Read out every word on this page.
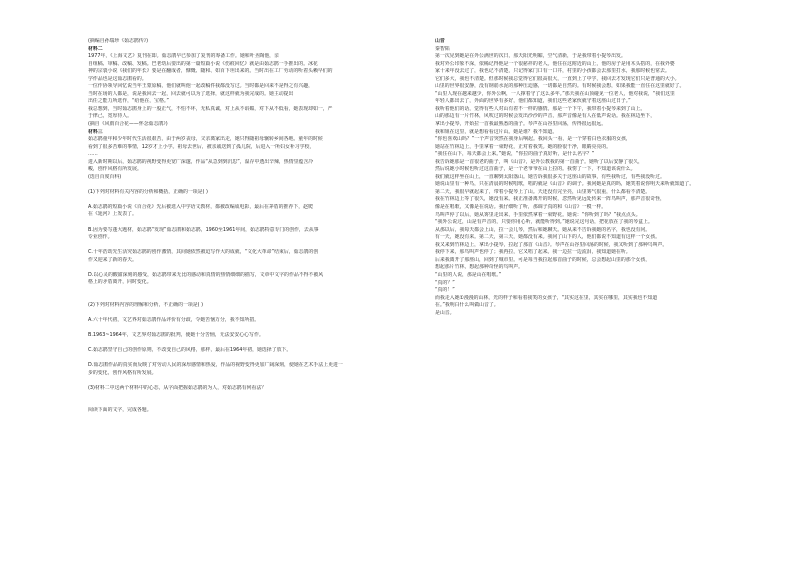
(摘编自孙瑞珍《茹志鹃传》)

材料二

1977年，《上海文艺》复刊在即。茹志鹃早已参加了复刊的筹备工作。她和叶圣陶他，亲

自组稿、审稿、改稿、发稿。巴老幼后要出的第一篇短篇小说《伤痕回忆》就是由茹志鹃一手推出的。冰花

神的宗裘小说《我们的年长》要是在翻成者，慷慨、随和、如百下坦出来的。当时出在工厂劳动的听着头赖早们的

学作品也是这茹志鹃看的。

一位作协领导回忆说当年王蒙原稿，他们就叫他一起改稿件我都没写过。当时都是回来不是得之有兴趣，

当时在场的人都是，说是我回去一起，回去就可以为了选择，就这样就为我完成的。她主动提出

出任之能力所选作，“给他在，宝格。”

我总想到，当时茹志鹃身上的一股正气，不怕不坏，无私真诚，对上从不谄媚，对下从不低看，她表现却如一，严

于律己，宽厚待人。

(摘自《风雨百合花——怀念茹志鹃》)

材料三

茹志鹃童年和少年时代生活很艰苦，由于两岁丧母，父亲离家出走，她只得随祖母辗转乡间各地。童年的时候

看到了很多苦难的事情，12岁才上小学。祖母去世后，被亲戚送到了孤儿院，后进入一所妇女补习学校，

……

进入新时期以后，茹志鹃的视野变得更宽广深邃，作品“从急到到沉思”，温存中透出辛辣，热情里蕴含冷

峻，创作风格有所发展。

(选自百度百科)

(1)下列对材料有关内容的分析和概括，正确的一项是( )

A.茹志鹃的短篇小说《百合花》先后被选入中学语文教材，都被改编成电影，最后在茅盾的推荐下，赵爬

在《延河》上发表了。

B.因为要写蓬大题材，茹志鹃“发现”茹志鹃和茹志鹃，1960至1961年间，茹志鹃特意专门的创作，去从事

专业创作。

C.十年浩劫先生活究茹志鹃的创作激情，其间她依然被迫写作大的成就，“文化大革命”结束后，茹志鹃的创

作又迎来了新的春天。

D.以心灵的酸甜深刻的感受，茹志鹃带来无比的感动和真情的热情细细的描写，文章中文字的作品不得不被风

格上的矛盾离开，同时变化。

(2)下列对材料内容的理解和分析，不正确的一项是( )

A.六十年代初，文艺界对茹志鹃作品评价有分歧，令她苦恼万分，我不知所措。

B.1963~1964年，文艺界对茹志鹃的批判，使她十分苦恼，无法安安心心写作。

C.茹志鹃坚守自己的创作原则，不改变自己的风格，那样，最后在1964年初，她选择了放下。

D.茹志鹃作品的真实而反映了对劳动人民的深厚感情和热爱，作品的视野变得更加广阔深刻，使她在艺术手法上更进一

步的变化，创作风格有所发展。

(3)材料二中这两个材料中的心态，从字面把握茹志鹃的为人，对茹志鹃有何看法？

阅读下面的文字，完成各题。

山音

秦智韬

第一次见到她是在外公满世的次日，那天阳光明媚，空气清新，于是我带着小提琴出发。

我对外公印象不深，依稀记得他是一个很慈祥的老人。他住在这附近的山上，他的房子是用木头搭的，在我外婆

家十来年没去过了，我也记不清楚，只记得家门口有一口井，村里的小孩都会去那里打水，我那时候也常去。

它们多大，我也不清楚。但那时候我总觉得它们很高很大，一直到上了中学，我回去才发现它们只是普通的大小。

山里的世界很安静，没有钢筋水泥的那种压迫感，一切都是自然的。有时候我会想，如果我能一直住在这里就好了。

“山里人现在越来越少，你外公啊，一人撑着守了这么多年。”那天我在山顶碰见一位老人，他对我说，“我们这里

年轻人都出去了，外面的世界有多好，他们都知道，我们这些老家伙就守着这座山过日子。”

我听着他们的话，觉得有些人对山有着不一样的感情。那是一个下午，我带着小提琴来到了山上。

山的那边有一片竹林，风吹过的时候会发出沙沙的声音，那声音像是有人在低声说话。我在林边坐下，

拿出小提琴，开始拉一首我最熟悉的曲子。琴声在山谷里回荡，传得很远很远。

我和姐在这里，就是想看看这片山。她是谁？我不知道。

“你也喜欢山吗？”一个声音突然在我身后响起。我回头一看，是一个穿着白色衣服的女孩，

她站在竹林边上，手里拿着一束野花，正对着我笑。她的脸很干净，眼睛亮亮的。

“我住在山下，每天都会上来。”她说，“你拉的曲子真好听，是什么名字？”

我告诉她那是一首很老的曲子，叫《山音》，是外公教我的第一首曲子。她听了以后安静了很久，

然后说她小时候也听过这首曲子，是一个老爷爷在山上拉的。我愣了一下，不知道该说什么。

我们就这样坐在山上，一直聊到太阳落山。她告诉我很多关于这座山的故事，有些我听过，有些我没听过。

她说山里有一种鸟，只在清晨的时候唱歌，唱的就是《山音》的调子。我问她是真的吗，她笑着说你明天来听就知道了。

第二天，我很早就起来了，带着小提琴上了山。天还没有完全亮，山里雾气很重，什么都看不清楚。

我在竹林边上等了很久，她没有来。我正准备离开的时候，忽然听见远处传来一阵鸟叫声，那声音很奇怪，

像是在唱歌，又像是在说话。我仔细听了听，那调子真的和《山音》一模一样。

鸟叫声停了以后，她从雾里走出来，手里依然拿着一束野花。她说：“你听到了吗？”我点点头。

“我外公说过，山是有声音的，只要你用心听，就能听得到。”她说完这句话，把花放在了我的琴盒上。

从那以后，我每天都会上山，拉一会儿琴，然后和她聊天。她从来不告诉我她的名字，我也没有问。

有一天，她没有来。第二天，第三天，她都没有来。我问了山下的人，他们都说不知道有这样一个女孩。

我又来到竹林边上，拿出小提琴，拉起了那首《山音》。琴声在山谷里回荡的时候，我又听到了那种鸟叫声。

我停下来，那鸟叫声也停了；我再拉，它又唱了起来。我一边拉一边流泪，我知道她在听。

后来我离开了那座山，回到了城市里。可是每当我拉起那首曲子的时候，总会想起山里的那个女孩，

想起那片竹林，想起那种奇怪的鸟叫声。

“山里的人说，那是山在唱歌。”

“真的？”

“真的！”

而我走入她①漫漫的山林，光的样子和看着我笑的女孩子，“其实这在里，其实在哪里，其实我也不知道

在。”我明白什么叫做山音了。

是山音。
